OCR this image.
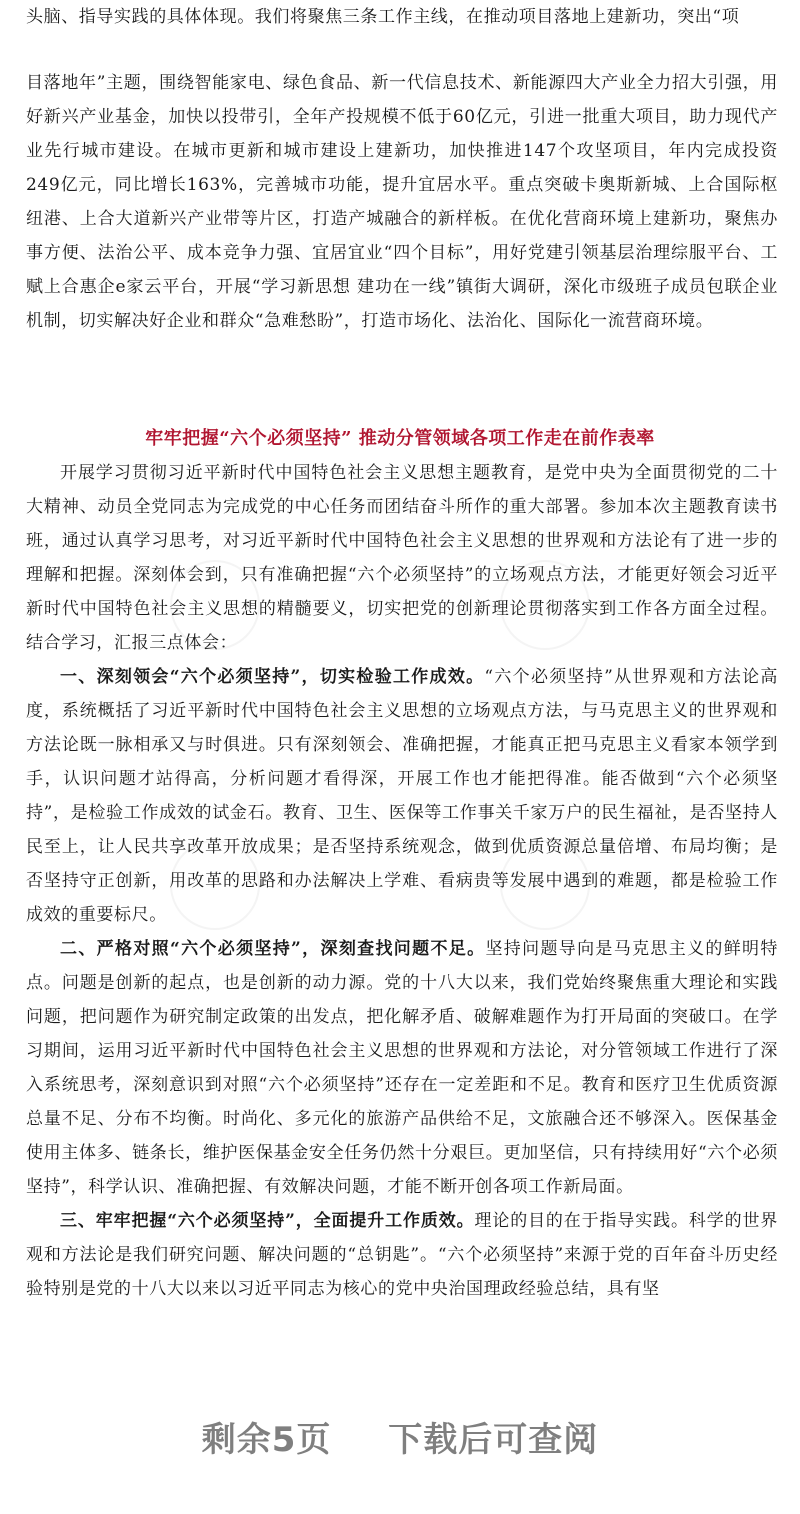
头脑、指导实践的具体体现。我们将聚焦三条工作主线，在推动项目落地上建新功，突出“项

目落地年”主题，围绕智能家电、绿色食品、新一代信息技术、新能源四大产业全力招大引强，用好新兴产业基金，加快以投带引，全年产投规模不低于60亿元，引进一批重大项目，助力现代产业先行城市建设。在城市更新和城市建设上建新功，加快推进147个攻坚项目，年内完成投资249亿元，同比增长163%，完善城市功能，提升宜居水平。重点突破卡奥斯新城、上合国际枢纽港、上合大道新兴产业带等片区，打造产城融合的新样板。在优化营商环境上建新功，聚焦办事方便、法治公平、成本竞争力强、宜居宜业“四个目标”，用好党建引领基层治理综服平台、工赋上合惠企e家云平台，开展“学习新思想 建功在一线”镇街大调研，深化市级班子成员包联企业机制，切实解决好企业和群众“急难愁盼”，打造市场化、法治化、国际化一流营商环境。

牢牢把握“六个必须坚持” 推动分管领域各项工作走在前作表率

开展学习贯彻习近平新时代中国特色社会主义思想主题教育，是党中央为全面贯彻党的二十大精神、动员全党同志为完成党的中心任务而团结奋斗所作的重大部署。参加本次主题教育读书班，通过认真学习思考，对习近平新时代中国特色社会主义思想的世界观和方法论有了进一步的理解和把握。深刻体会到，只有准确把握“六个必须坚持”的立场观点方法，才能更好领会习近平新时代中国特色社会主义思想的精髓要义，切实把党的创新理论贯彻落实到工作各方面全过程。结合学习，汇报三点体会：

一、深刻领会“六个必须坚持”，切实检验工作成效。“六个必须坚持”从世界观和方法论高度，系统概括了习近平新时代中国特色社会主义思想的立场观点方法，与马克思主义的世界观和方法论既一脉相承又与时俱进。只有深刻领会、准确把握，才能真正把马克思主义看家本领学到手，认识问题才站得高，分析问题才看得深，开展工作也才能把得准。能否做到“六个必须坚持”，是检验工作成效的试金石。教育、卫生、医保等工作事关千家万户的民生福祉，是否坚持人民至上，让人民共享改革开放成果；是否坚持系统观念，做到优质资源总量倍增、布局均衡；是否坚持守正创新，用改革的思路和办法解决上学难、看病贵等发展中遇到的难题，都是检验工作成效的重要标尺。

二、严格对照“六个必须坚持”，深刻查找问题不足。坚持问题导向是马克思主义的鲜明特点。问题是创新的起点，也是创新的动力源。党的十八大以来，我们党始终聚焦重大理论和实践问题，把问题作为研究制定政策的出发点，把化解矛盾、破解难题作为打开局面的突破口。在学习期间，运用习近平新时代中国特色社会主义思想的世界观和方法论，对分管领域工作进行了深入系统思考，深刻意识到对照“六个必须坚持”还存在一定差距和不足。教育和医疗卫生优质资源总量不足、分布不均衡。时尚化、多元化的旅游产品供给不足，文旅融合还不够深入。医保基金使用主体多、链条长，维护医保基金安全任务仍然十分艰巨。更加坚信，只有持续用好“六个必须坚持”，科学认识、准确把握、有效解决问题，才能不断开创各项工作新局面。

三、牢牢把握“六个必须坚持”，全面提升工作质效。理论的目的在于指导实践。科学的世界观和方法论是我们研究问题、解决问题的“总钥匙”。“六个必须坚持”来源于党的百年奋斗历史经验特别是党的十八大以来以习近平同志为核心的党中央治国理政经验总结，具有坚

剩余5页 下载后可查阅
